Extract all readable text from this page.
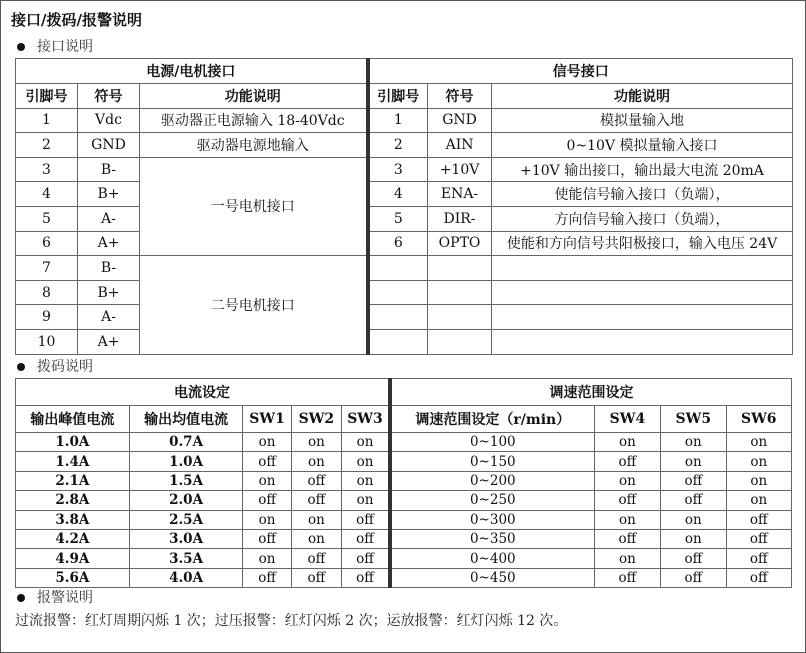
接口/拨码/报警说明
接口说明
电源/电机接口			信号接口		
引脚号	符号	功能说明	引脚号	符号	功能说明
1	Vdc	驱动器正电源输入 18-40Vdc	1	GND	模拟量输入地
2	GND	驱动器电源地输入	2	AIN	0~10V 模拟量输入接口
3	B-	一号电机接口	3	+10V	+10V 输出接口，输出最大电流 20mA
4	B+		4	ENA-	使能信号输入接口（负端），
5	A-		5	DIR-	方向信号输入接口（负端），
6	A+		6	OPTO	使能和方向信号共阳极接口，输入电压 24V
7	B-	二号电机接口			
8	B+				
9	A-				
10	A+				
拨码说明
电流设定					调速范围设定			
输出峰值电流	输出均值电流	SW1	SW2	SW3	调速范围设定（r/min）	SW4	SW5	SW6
1.0A	0.7A	on	on	on	0~100	on	on	on
1.4A	1.0A	off	on	on	0~150	off	on	on
2.1A	1.5A	on	off	on	0~200	on	off	on
2.8A	2.0A	off	off	on	0~250	off	off	on
3.8A	2.5A	on	on	off	0~300	on	on	off
4.2A	3.0A	off	on	off	0~350	off	on	off
4.9A	3.5A	on	off	off	0~400	on	off	off
5.6A	4.0A	off	off	off	0~450	off	off	off
报警说明
过流报警：红灯周期闪烁 1 次；过压报警：红灯闪烁 2 次；运放报警：红灯闪烁 12 次。
